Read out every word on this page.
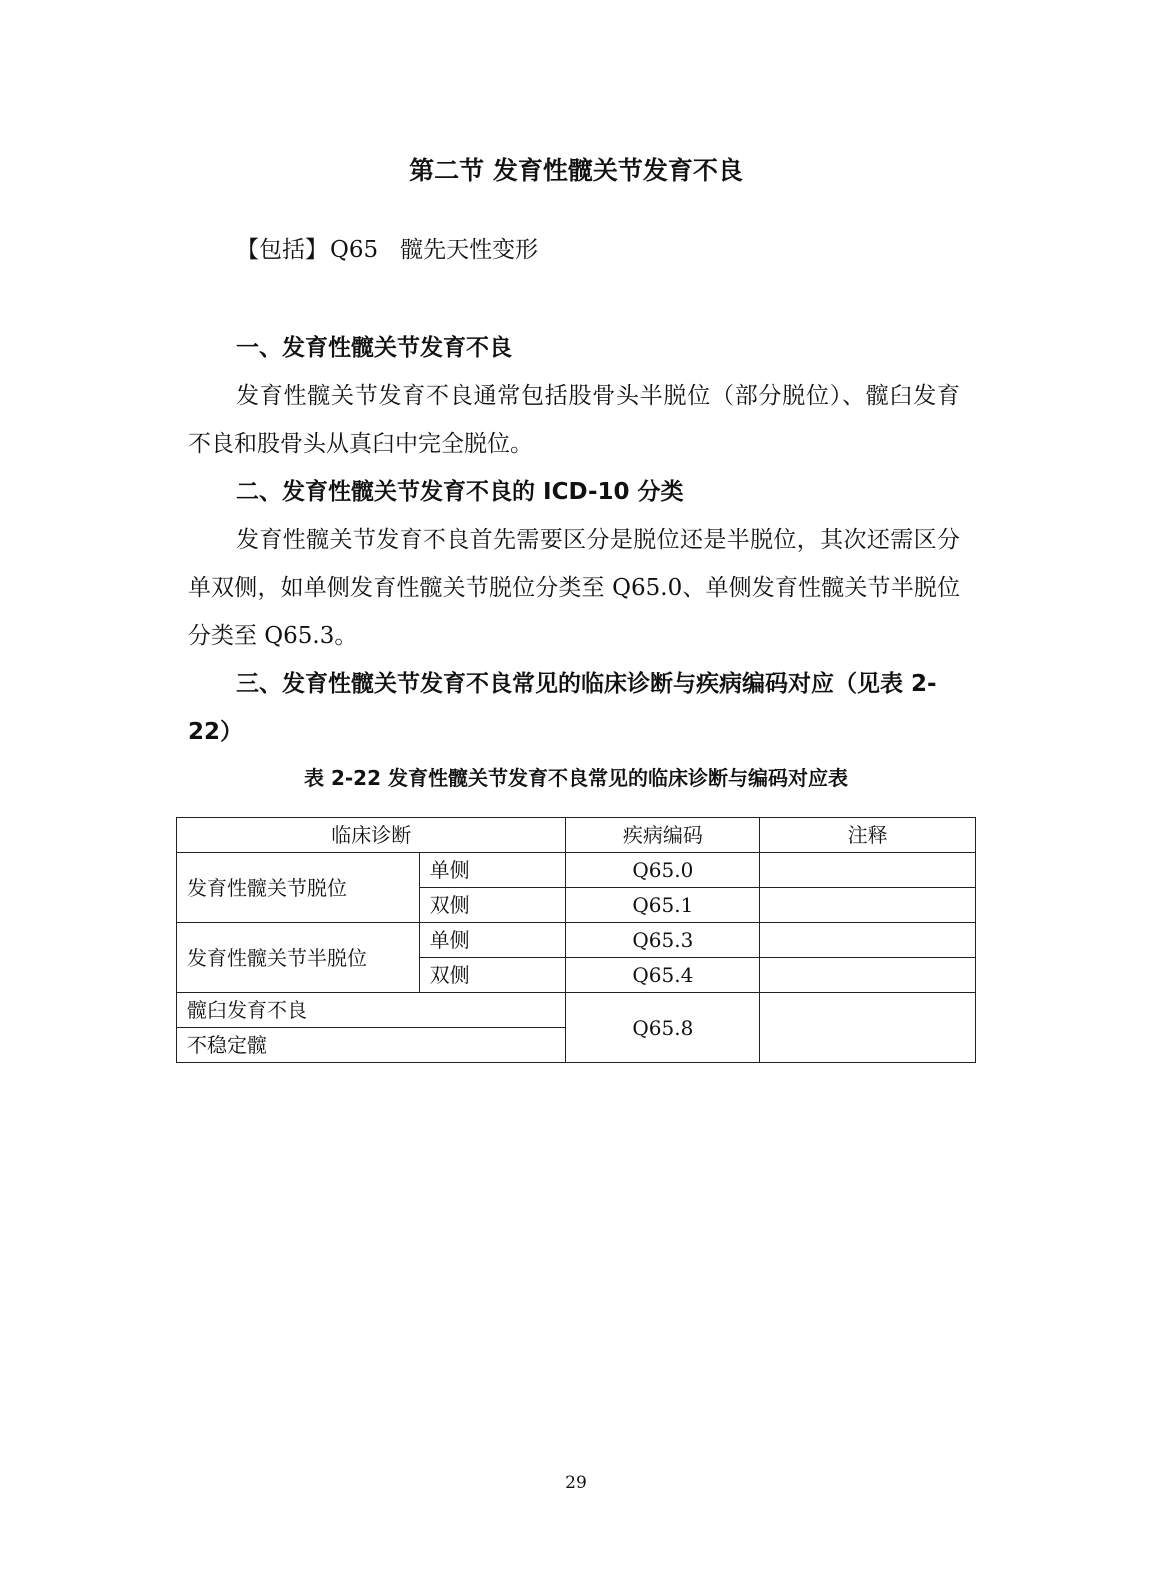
第二节 发育性髋关节发育不良

【包括】Q65 髋先天性变形

一、发育性髋关节发育不良

发育性髋关节发育不良通常包括股骨头半脱位（部分脱位）、髋臼发育不良和股骨头从真臼中完全脱位。

二、发育性髋关节发育不良的 ICD-10 分类

发育性髋关节发育不良首先需要区分是脱位还是半脱位，其次还需区分单双侧，如单侧发育性髋关节脱位分类至 Q65.0、单侧发育性髋关节半脱位分类至 Q65.3。

三、发育性髋关节发育不良常见的临床诊断与疾病编码对应（见表 2-22）

表 2-22 发育性髋关节发育不良常见的临床诊断与编码对应表

临床诊断		疾病编码	注释
发育性髋关节脱位	单侧	Q65.0	
	双侧	Q65.1	
发育性髋关节半脱位	单侧	Q65.3	
	双侧	Q65.4	
髋臼发育不良		Q65.8	
不稳定髋			

29
